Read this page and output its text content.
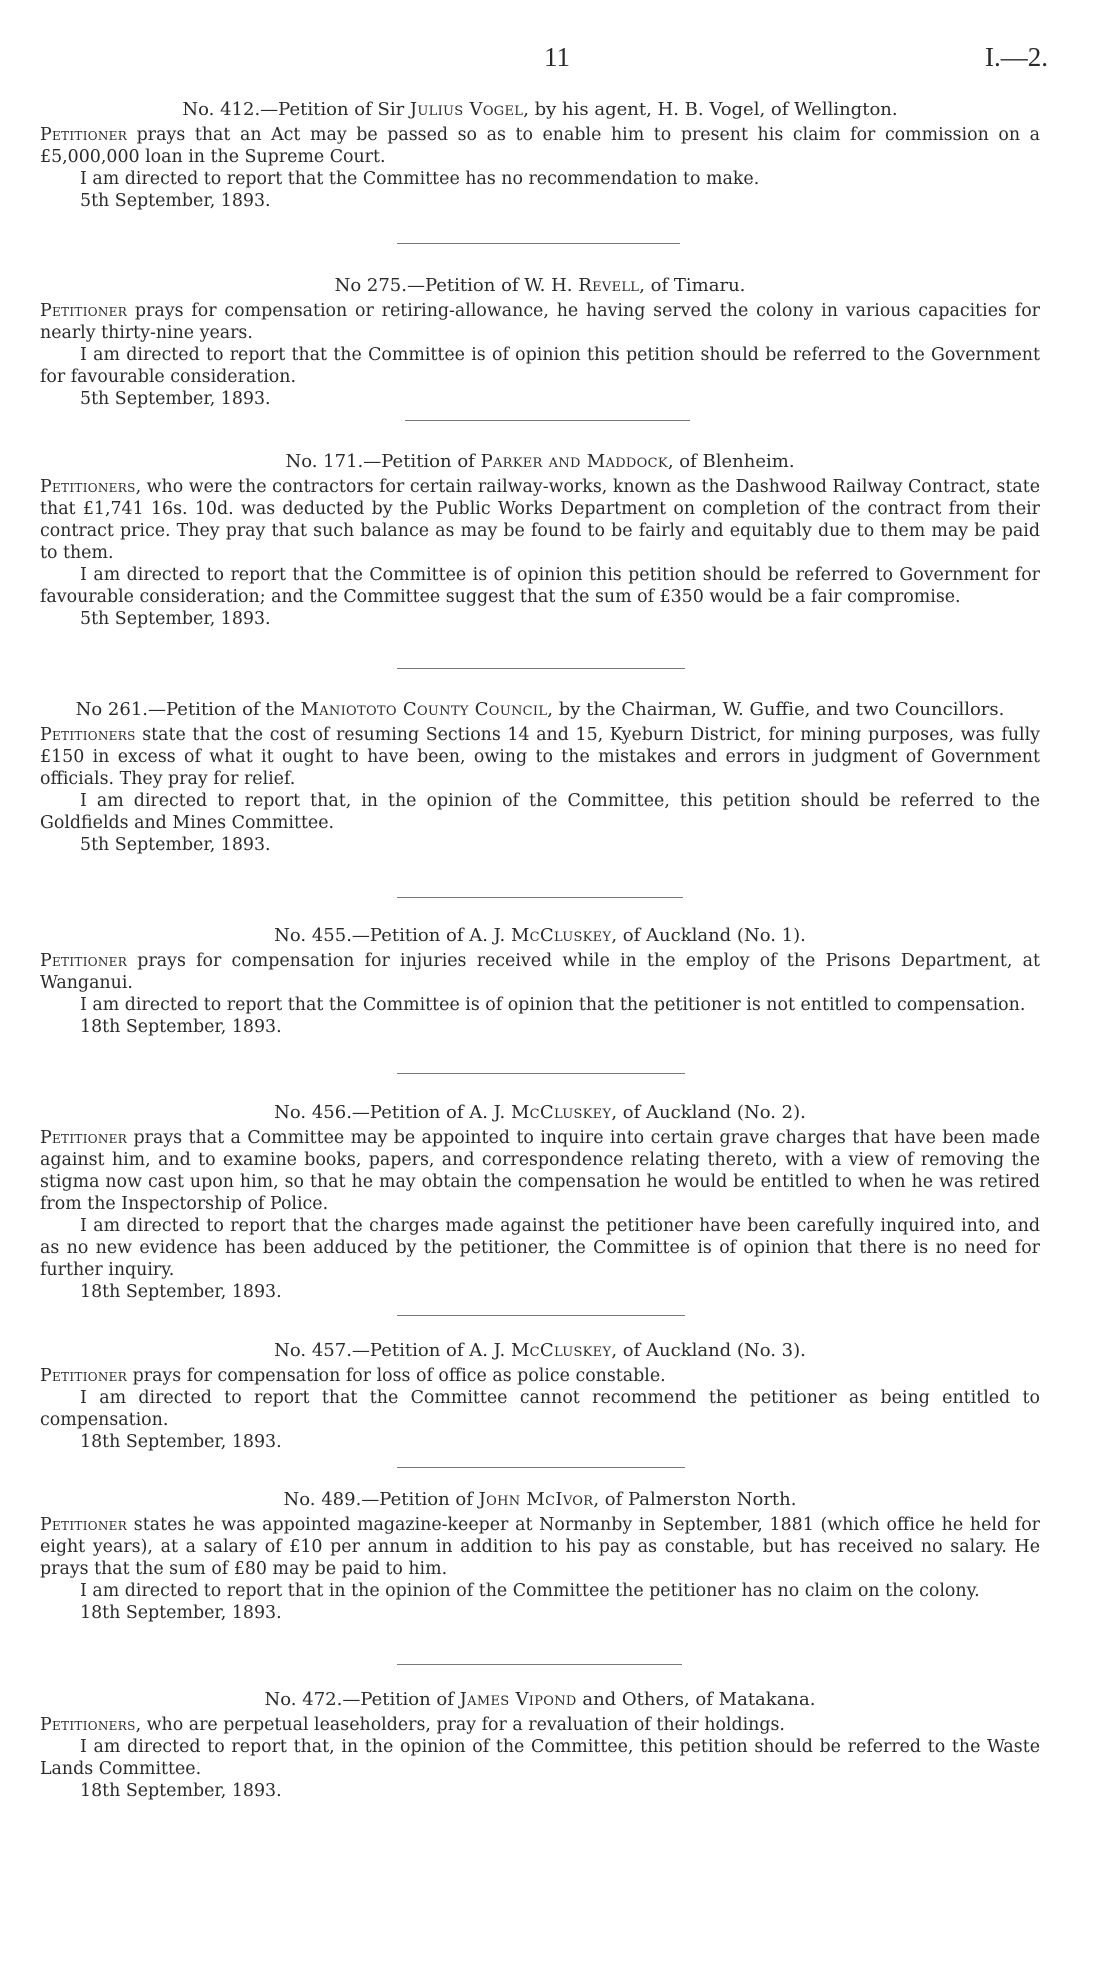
11	I.—2.

No. 412.—Petition of Sir Julius Vogel, by his agent, H. B. Vogel, of Wellington.

Petitioner prays that an Act may be passed so as to enable him to present his claim for commission on a £5,000,000 loan in the Supreme Court.

I am directed to report that the Committee has no recommendation to make.

5th September, 1893.

No 275.—Petition of W. H. Revell, of Timaru.

Petitioner prays for compensation or retiring-allowance, he having served the colony in various capacities for nearly thirty-nine years.

I am directed to report that the Committee is of opinion this petition should be referred to the Government for favourable consideration.

5th September, 1893.

No. 171.—Petition of Parker and Maddock, of Blenheim.

Petitioners, who were the contractors for certain railway-works, known as the Dashwood Railway Contract, state that £1,741 16s. 10d. was deducted by the Public Works Department on completion of the contract from their contract price. They pray that such balance as may be found to be fairly and equitably due to them may be paid to them.

I am directed to report that the Committee is of opinion this petition should be referred to Government for favourable consideration; and the Committee suggest that the sum of £350 would be a fair compromise.

5th September, 1893.

No 261.—Petition of the Maniototo County Council, by the Chairman, W. Guffie, and two Councillors.

Petitioners state that the cost of resuming Sections 14 and 15, Kyeburn District, for mining purposes, was fully £150 in excess of what it ought to have been, owing to the mistakes and errors in judgment of Government officials. They pray for relief.

I am directed to report that, in the opinion of the Committee, this petition should be referred to the Goldfields and Mines Committee.

5th September, 1893.

No. 455.—Petition of A. J. McCluskey, of Auckland (No. 1).

Petitioner prays for compensation for injuries received while in the employ of the Prisons Department, at Wanganui.

I am directed to report that the Committee is of opinion that the petitioner is not entitled to compensation.

18th September, 1893.

No. 456.—Petition of A. J. McCluskey, of Auckland (No. 2).

Petitioner prays that a Committee may be appointed to inquire into certain grave charges that have been made against him, and to examine books, papers, and correspondence relating thereto, with a view of removing the stigma now cast upon him, so that he may obtain the compensation he would be entitled to when he was retired from the Inspectorship of Police.

I am directed to report that the charges made against the petitioner have been carefully inquired into, and as no new evidence has been adduced by the petitioner, the Committee is of opinion that there is no need for further inquiry.

18th September, 1893.

No. 457.—Petition of A. J. McCluskey, of Auckland (No. 3).

Petitioner prays for compensation for loss of office as police constable.

I am directed to report that the Committee cannot recommend the petitioner as being entitled to compensation.

18th September, 1893.

No. 489.—Petition of John McIvor, of Palmerston North.

Petitioner states he was appointed magazine-keeper at Normanby in September, 1881 (which office he held for eight years), at a salary of £10 per annum in addition to his pay as constable, but has received no salary. He prays that the sum of £80 may be paid to him.

I am directed to report that in the opinion of the Committee the petitioner has no claim on the colony.

18th September, 1893.

No. 472.—Petition of James Vipond and Others, of Matakana.

Petitioners, who are perpetual leaseholders, pray for a revaluation of their holdings.

I am directed to report that, in the opinion of the Committee, this petition should be referred to the Waste Lands Committee.

18th September, 1893.
